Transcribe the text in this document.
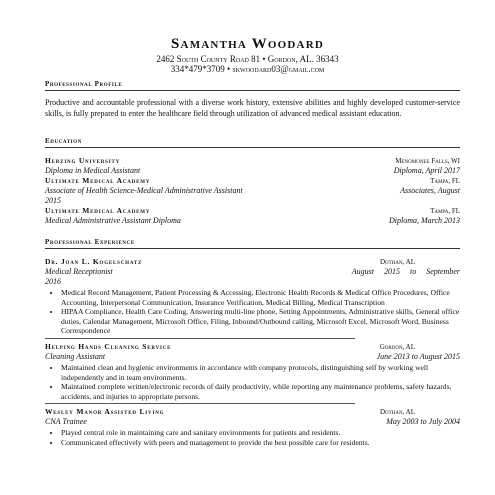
Samantha Woodard
2462 South County Road 81 • Gordon, AL. 36343
334*479*3709 • skwoodard03@gmail.com
Professional Profile
Productive and accountable professional with a diverse work history, extensive abilities and highly developed customer-service skills, is fully prepared to enter the healthcare field through utilization of advanced medical assistant education.
Education
Herzing University	Menomonee Falls, WI
Diploma in Medical Assistant	Diploma, April 2017
Ultimate Medical Academy	Tampa, FL
Associate of Health Science-Medical Administrative Assistant	Associates, August
2015
Ultimate Medical Academy	Tampa, FL
Medical Administrative Assistant Diploma	Diploma, March 2013
Professional Experience
Dr. Joan L. Kogelschatz	Dothan, AL
Medical Receptionist	August 2015 to September
2016
• Medical Record Management, Patient Processing & Accessing, Electronic Health Records & Medical Office Procedures, Office Accounting, Interpersonal Communication, Insurance Verification, Medical Billing, Medical Transcription
• HIPAA Compliance, Health Care Coding, Answering multi-line phone, Setting Appointments, Administrative skills, General office duties, Calendar Management, Microsoft Office, Filing, Inbound/Outbound calling, Microsoft Excel, Microsoft Word, Business Correspondence
Helping Hands Cleaning Service	Gordon, AL
Cleaning Assistant	June 2013 to August 2015
• Maintained clean and hygienic environments in accordance with company protocols, distinguishing self by working well independently and in team environments.
• Maintained complete written/electronic records of daily productivity, while reporting any maintenance problems, safety hazards, accidents, and injuries to appropriate persons.
Wesley Manor Assisted Living	Dothan, AL
CNA Trainee	May 2003 to July 2004
• Played central role in maintaining care and sanitary environments for patients and residents.
• Communicated effectively with peers and management to provide the best possible care for residents.
